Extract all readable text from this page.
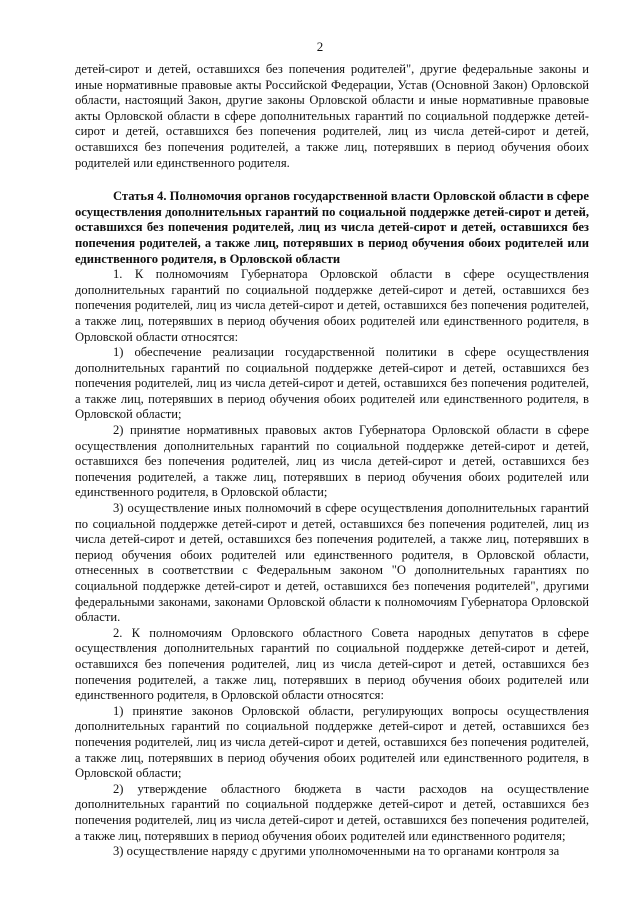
2

детей-сирот и детей, оставшихся без попечения родителей", другие федеральные законы и иные нормативные правовые акты Российской Федерации, Устав (Основной Закон) Орловской области, настоящий Закон, другие законы Орловской области и иные нормативные правовые акты Орловской области в сфере дополнительных гарантий по социальной поддержке детей-сирот и детей, оставшихся без попечения родителей, лиц из числа детей-сирот и детей, оставшихся без попечения родителей, а также лиц, потерявших в период обучения обоих родителей или единственного родителя.

Статья 4. Полномочия органов государственной власти Орловской области в сфере осуществления дополнительных гарантий по социальной поддержке детей-сирот и детей, оставшихся без попечения родителей, лиц из числа детей-сирот и детей, оставшихся без попечения родителей, а также лиц, потерявших в период обучения обоих родителей или единственного родителя, в Орловской области

1. К полномочиям Губернатора Орловской области в сфере осуществления дополнительных гарантий по социальной поддержке детей-сирот и детей, оставшихся без попечения родителей, лиц из числа детей-сирот и детей, оставшихся без попечения родителей, а также лиц, потерявших в период обучения обоих родителей или единственного родителя, в Орловской области относятся:

1) обеспечение реализации государственной политики в сфере осуществления дополнительных гарантий по социальной поддержке детей-сирот и детей, оставшихся без попечения родителей, лиц из числа детей-сирот и детей, оставшихся без попечения родителей, а также лиц, потерявших в период обучения обоих родителей или единственного родителя, в Орловской области;

2) принятие нормативных правовых актов Губернатора Орловской области в сфере осуществления дополнительных гарантий по социальной поддержке детей-сирот и детей, оставшихся без попечения родителей, лиц из числа детей-сирот и детей, оставшихся без попечения родителей, а также лиц, потерявших в период обучения обоих родителей или единственного родителя, в Орловской области;

3) осуществление иных полномочий в сфере осуществления дополнительных гарантий по социальной поддержке детей-сирот и детей, оставшихся без попечения родителей, лиц из числа детей-сирот и детей, оставшихся без попечения родителей, а также лиц, потерявших в период обучения обоих родителей или единственного родителя, в Орловской области, отнесенных в соответствии с Федеральным законом "О дополнительных гарантиях по социальной поддержке детей-сирот и детей, оставшихся без попечения родителей", другими федеральными законами, законами Орловской области к полномочиям Губернатора Орловской области.

2. К полномочиям Орловского областного Совета народных депутатов в сфере осуществления дополнительных гарантий по социальной поддержке детей-сирот и детей, оставшихся без попечения родителей, лиц из числа детей-сирот и детей, оставшихся без попечения родителей, а также лиц, потерявших в период обучения обоих родителей или единственного родителя, в Орловской области относятся:

1) принятие законов Орловской области, регулирующих вопросы осуществления дополнительных гарантий по социальной поддержке детей-сирот и детей, оставшихся без попечения родителей, лиц из числа детей-сирот и детей, оставшихся без попечения родителей, а также лиц, потерявших в период обучения обоих родителей или единственного родителя, в Орловской области;

2) утверждение областного бюджета в части расходов на осуществление дополнительных гарантий по социальной поддержке детей-сирот и детей, оставшихся без попечения родителей, лиц из числа детей-сирот и детей, оставшихся без попечения родителей, а также лиц, потерявших в период обучения обоих родителей или единственного родителя;

3) осуществление наряду с другими уполномоченными на то органами контроля за
